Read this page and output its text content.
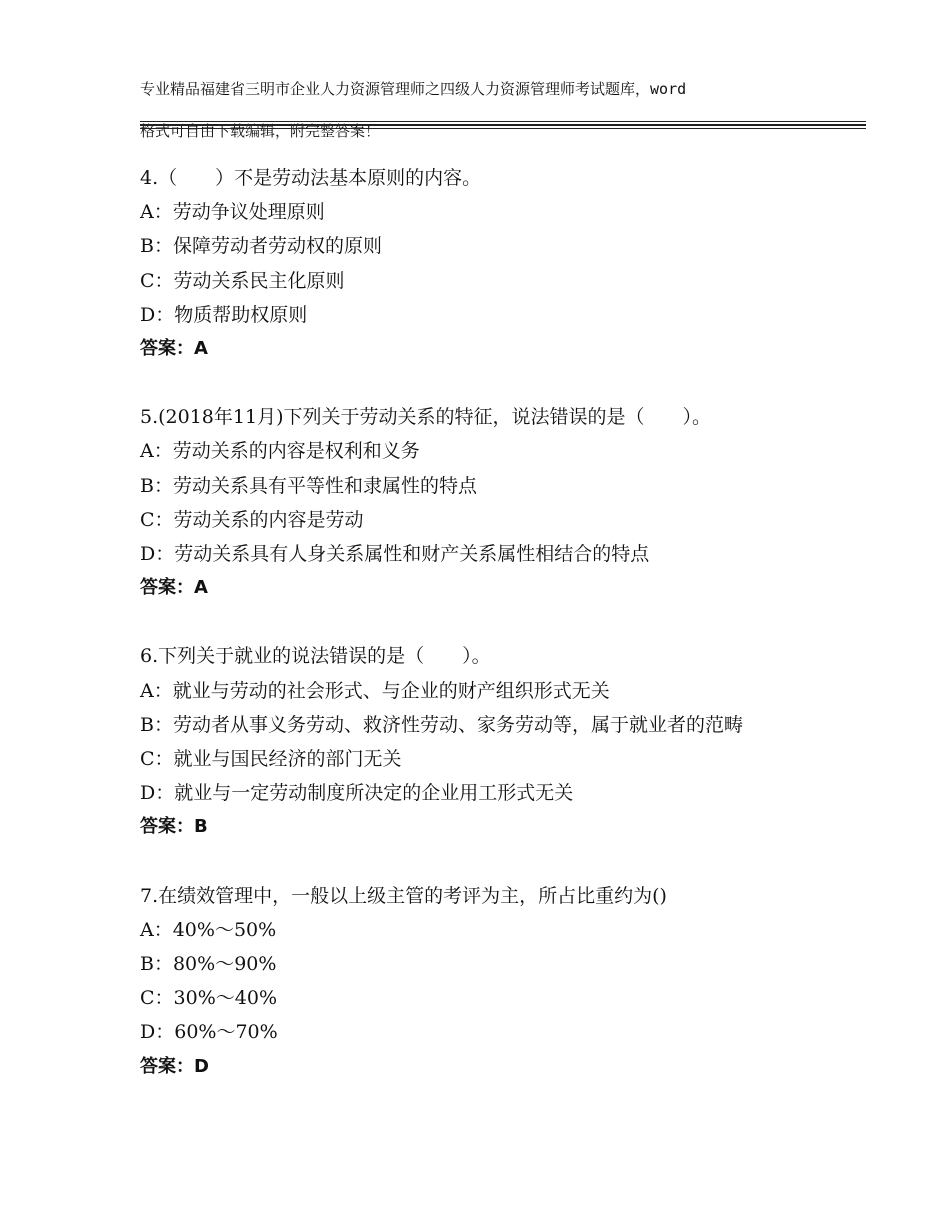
专业精品福建省三明市企业人力资源管理师之四级人力资源管理师考试题库，word

格式可自由下载编辑，附完整答案！

4.（　　）不是劳动法基本原则的内容。

A：劳动争议处理原则

B：保障劳动者劳动权的原则

C：劳动关系民主化原则

D：物质帮助权原则

答案：A

5.(2018年11月)下列关于劳动关系的特征，说法错误的是（　　）。

A：劳动关系的内容是权利和义务

B：劳动关系具有平等性和隶属性的特点

C：劳动关系的内容是劳动

D：劳动关系具有人身关系属性和财产关系属性相结合的特点

答案：A

6.下列关于就业的说法错误的是（　　）。

A：就业与劳动的社会形式、与企业的财产组织形式无关

B：劳动者从事义务劳动、救济性劳动、家务劳动等，属于就业者的范畴

C：就业与国民经济的部门无关

D：就业与一定劳动制度所决定的企业用工形式无关

答案：B

7.在绩效管理中，一般以上级主管的考评为主，所占比重约为()

A：40%～50%

B：80%～90%

C：30%～40%

D：60%～70%

答案：D
